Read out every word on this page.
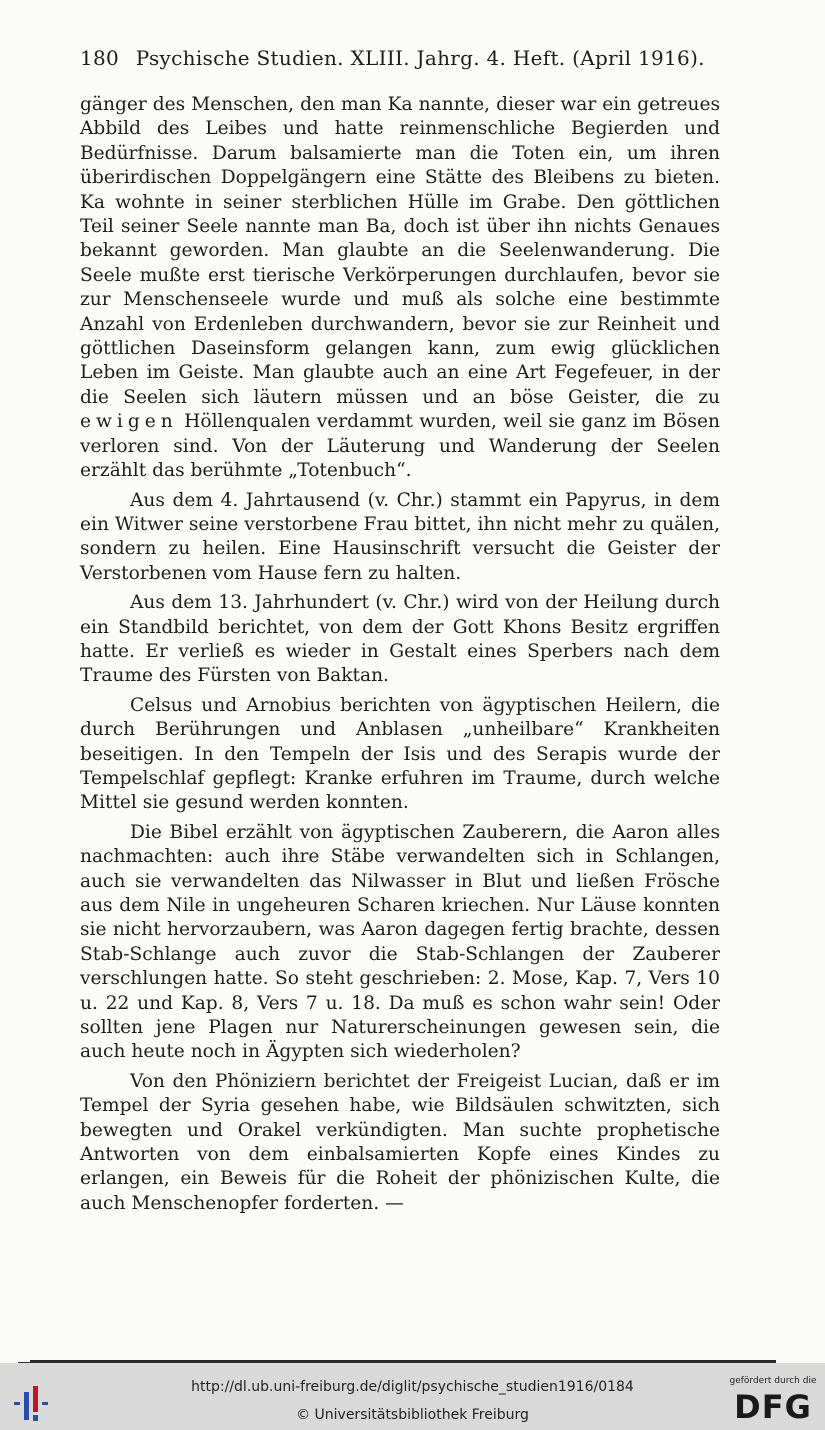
180 Psychische Studien. XLIII. Jahrg. 4. Heft. (April 1916).

gänger des Menschen, den man Ka nannte, dieser war ein getreues Abbild des Leibes und hatte reinmenschliche Begierden und Bedürfnisse. Darum balsamierte man die Toten ein, um ihren überirdischen Doppelgängern eine Stätte des Bleibens zu bieten. Ka wohnte in seiner sterblichen Hülle im Grabe. Den göttlichen Teil seiner Seele nannte man Ba, doch ist über ihn nichts Genaues bekannt geworden. Man glaubte an die Seelenwanderung. Die Seele mußte erst tierische Verkörperungen durchlaufen, bevor sie zur Menschenseele wurde und muß als solche eine bestimmte Anzahl von Erdenleben durchwandern, bevor sie zur Reinheit und göttlichen Daseinsform gelangen kann, zum ewig glücklichen Leben im Geiste. Man glaubte auch an eine Art Fegefeuer, in der die Seelen sich läutern müssen und an böse Geister, die zu ewigen Höllenqualen verdammt wurden, weil sie ganz im Bösen verloren sind. Von der Läuterung und Wanderung der Seelen erzählt das berühmte „Totenbuch“.

Aus dem 4. Jahrtausend (v. Chr.) stammt ein Papyrus, in dem ein Witwer seine verstorbene Frau bittet, ihn nicht mehr zu quälen, sondern zu heilen. Eine Hausinschrift versucht die Geister der Verstorbenen vom Hause fern zu halten.

Aus dem 13. Jahrhundert (v. Chr.) wird von der Heilung durch ein Standbild berichtet, von dem der Gott Khons Besitz ergriffen hatte. Er verließ es wieder in Gestalt eines Sperbers nach dem Traume des Fürsten von Baktan.

Celsus und Arnobius berichten von ägyptischen Heilern, die durch Berührungen und Anblasen „unheilbare“ Krankheiten beseitigen. In den Tempeln der Isis und des Serapis wurde der Tempelschlaf gepflegt: Kranke erfuhren im Traume, durch welche Mittel sie gesund werden konnten.

Die Bibel erzählt von ägyptischen Zauberern, die Aaron alles nachmachten: auch ihre Stäbe verwandelten sich in Schlangen, auch sie verwandelten das Nilwasser in Blut und ließen Frösche aus dem Nile in ungeheuren Scharen kriechen. Nur Läuse konnten sie nicht hervorzaubern, was Aaron dagegen fertig brachte, dessen Stab-Schlange auch zuvor die Stab-Schlangen der Zauberer verschlungen hatte. So steht geschrieben: 2. Mose, Kap. 7, Vers 10 u. 22 und Kap. 8, Vers 7 u. 18. Da muß es schon wahr sein! Oder sollten jene Plagen nur Naturerscheinungen gewesen sein, die auch heute noch in Ägypten sich wiederholen?

Von den Phöniziern berichtet der Freigeist Lucian, daß er im Tempel der Syria gesehen habe, wie Bildsäulen schwitzten, sich bewegten und Orakel verkündigten. Man suchte prophetische Antworten von dem einbalsamierten Kopfe eines Kindes zu erlangen, ein Beweis für die Roheit der phönizischen Kulte, die auch Menschenopfer forderten. —

http://dl.ub.uni-freiburg.de/diglit/psychische_studien1916/0184
© Universitätsbibliothek Freiburg
gefördert durch die
DFG
